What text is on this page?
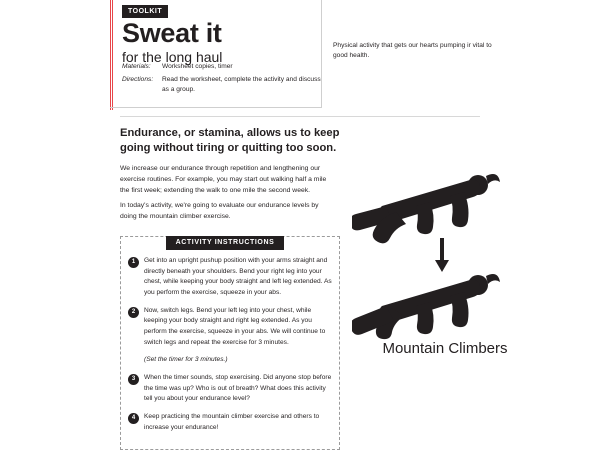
TOOLKIT
Sweat it
for the long haul
Materials:	Worksheet copies, timer
Directions:	Read the worksheet, complete the activity and discuss as a group.
Physical activity that gets our hearts pumping ir vital to good health.
Endurance, or stamina, allows us to keep going without tiring or quitting too soon.
We increase our endurance through repetition and lengthening our exercise routines. For example, you may start out walking half a mile the first week; extending the walk to one mile the second week.
In today's activity, we're going to evaluate our endurance levels by doing the mountain climber exercise.
ACTIVITY INSTRUCTIONS
1	Get into an upright pushup position with your arms straight and directly beneath your shoulders. Bend your right leg into your chest, while keeping your body straight and left leg extended. As you perform the exercise, squeeze in your abs.
2	Now, switch legs. Bend your left leg into your chest, while keeping your body straight and right leg extended. As you perform the exercise, squeeze in your abs. We will continue to switch legs and repeat the exercise for 3 minutes.
(Set the timer for 3 minutes.)
3	When the timer sounds, stop exercising. Did anyone stop before the time was up? Who is out of breath? What does this activity tell you about your endurance level?
4	Keep practicing the mountain climber exercise and others to increase your endurance!
Mountain Climbers
